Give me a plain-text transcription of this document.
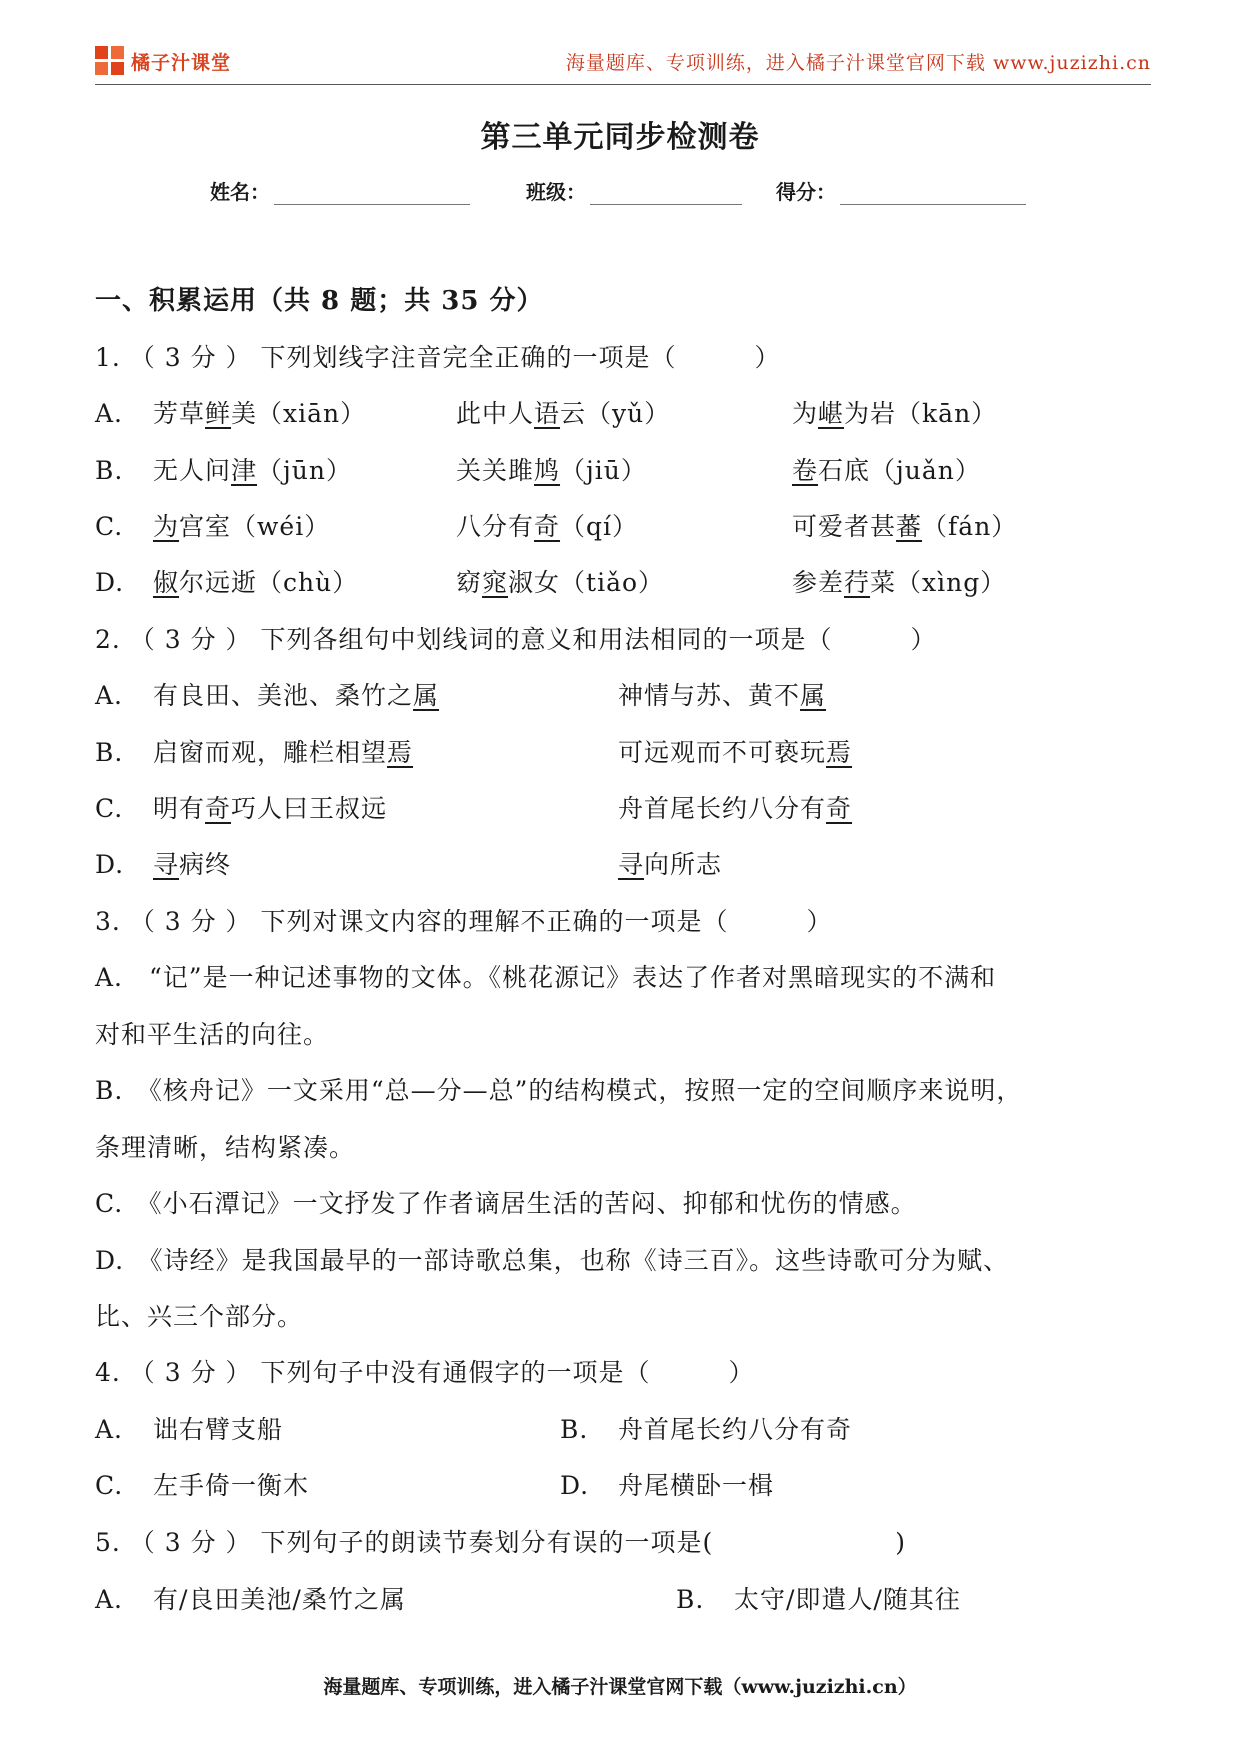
橘子汁课堂	海量题库、专项训练，进入橘子汁课堂官网下载 www.juzizhi.cn
第三单元同步检测卷
姓名：	班级：	得分：
一、积累运用（共 8 题；共 35 分）
1. （ 3 分 ） 下列划线字注音完全正确的一项是（　　　）
A. 芳草鲜美（xiān）	此中人语云（yǔ）	为嵁为岩（kān）
B. 无人问津（jūn）	关关雎鸠（jiū）	卷石底（juǎn）
C. 为宫室（wéi）	八分有奇（qí）	可爱者甚蕃（fán）
D. 俶尔远逝（chù）	窈窕淑女（tiǎo）	参差荇菜（xìng）
2. （ 3 分 ） 下列各组句中划线词的意义和用法相同的一项是（　　　）
A. 有良田、美池、桑竹之属	神情与苏、黄不属
B. 启窗而观，雕栏相望焉	可远观而不可亵玩焉
C. 明有奇巧人曰王叔远	舟首尾长约八分有奇
D. 寻病终	寻向所志
3. （ 3 分 ） 下列对课文内容的理解不正确的一项是（　　　）
A.　“记”是一种记述事物的文体。《桃花源记》表达了作者对黑暗现实的不满和
对和平生活的向往。
B.　《核舟记》一文采用“总—分—总”的结构模式，按照一定的空间顺序来说明，
条理清晰，结构紧凑。
C.　《小石潭记》一文抒发了作者谪居生活的苦闷、抑郁和忧伤的情感。
D.　《诗经》是我国最早的一部诗歌总集，也称《诗三百》。这些诗歌可分为赋、
比、兴三个部分。
4. （ 3 分 ） 下列句子中没有通假字的一项是（　　　）
A. 诎右臂支船	B. 舟首尾长约八分有奇
C. 左手倚一衡木	D. 舟尾横卧一楫
5. （ 3 分 ） 下列句子的朗读节奏划分有误的一项是(　　　　　　　)
A. 有/良田美池/桑竹之属	B. 太守/即遣人/随其往
海量题库、专项训练，进入橘子汁课堂官网下载（www.juzizhi.cn）
